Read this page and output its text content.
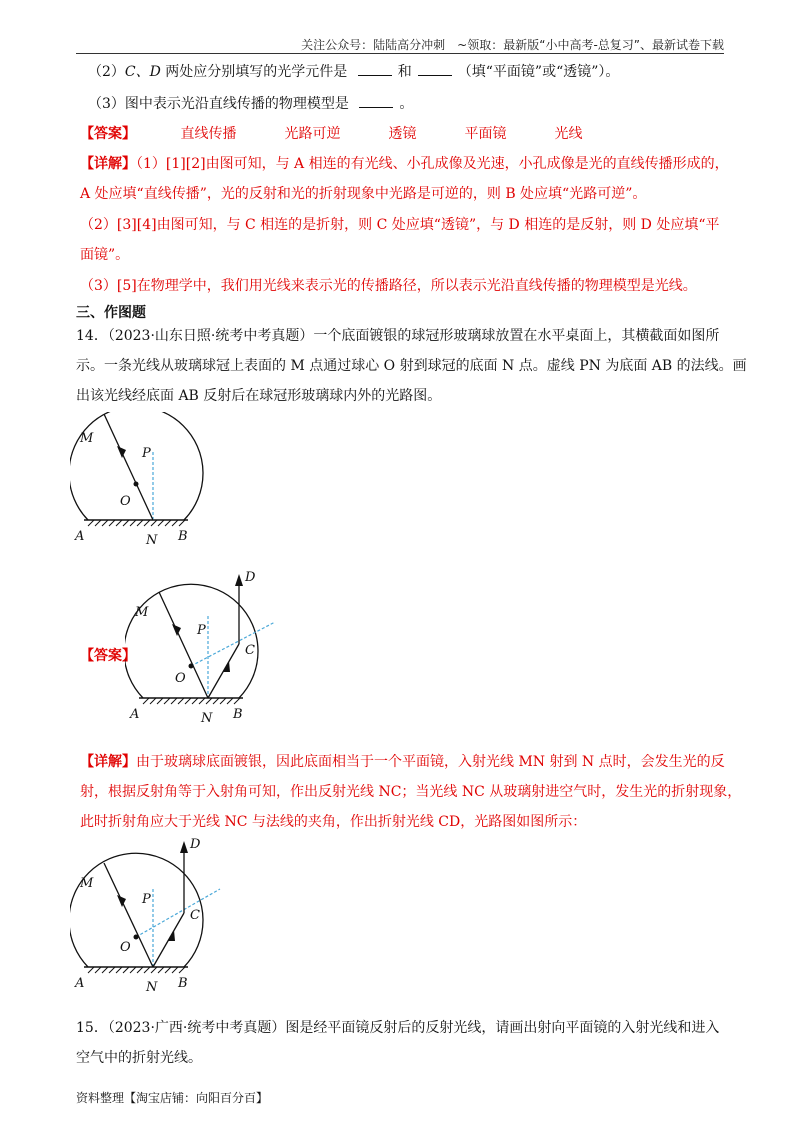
关注公众号：陆陆高分冲刺　~领取：最新版“小中高考-总复习”、最新试卷下载
（2）C、D 两处应分别填写的光学元件是	和	（填“平面镜”或“透镜”）。
（3）图中表示光沿直线传播的物理模型是	。
【答案】	直线传播	光路可逆	透镜	平面镜	光线
【详解】（1）[1][2]由图可知，与 A 相连的有光线、小孔成像及光速，小孔成像是光的直线传播形成的，
A 处应填“直线传播”，光的反射和光的折射现象中光路是可逆的，则 B 处应填“光路可逆”。
（2）[3][4]由图可知，与 C 相连的是折射，则 C 处应填“透镜”，与 D 相连的是反射，则 D 处应填“平
面镜”。
（3）[5]在物理学中，我们用光线来表示光的传播路径，所以表示光沿直线传播的物理模型是光线。
三、作图题
14．（2023·山东日照·统考中考真题）一个底面镀银的球冠形玻璃球放置在水平桌面上，其横截面如图所
示。一条光线从玻璃球冠上表面的 M 点通过球心 O 射到球冠的底面 N 点。虚线 PN 为底面 AB 的法线。画
出该光线经底面 AB 反射后在球冠形玻璃球内外的光路图。
M
P
O
A	N B
【答案】
M
P
O
C
D
A	N B
【详解】由于玻璃球底面镀银，因此底面相当于一个平面镜，入射光线 MN 射到 N 点时，会发生光的反
射，根据反射角等于入射角可知，作出反射光线 NC；当光线 NC 从玻璃射进空气时，发生光的折射现象，
此时折射角应大于光线 NC 与法线的夹角，作出折射光线 CD，光路图如图所示：
M
P
O
C
D
A	N B
15．（2023·广西·统考中考真题）图是经平面镜反射后的反射光线，请画出射向平面镜的入射光线和进入
空气中的折射光线。
资料整理【淘宝店铺：向阳百分百】
